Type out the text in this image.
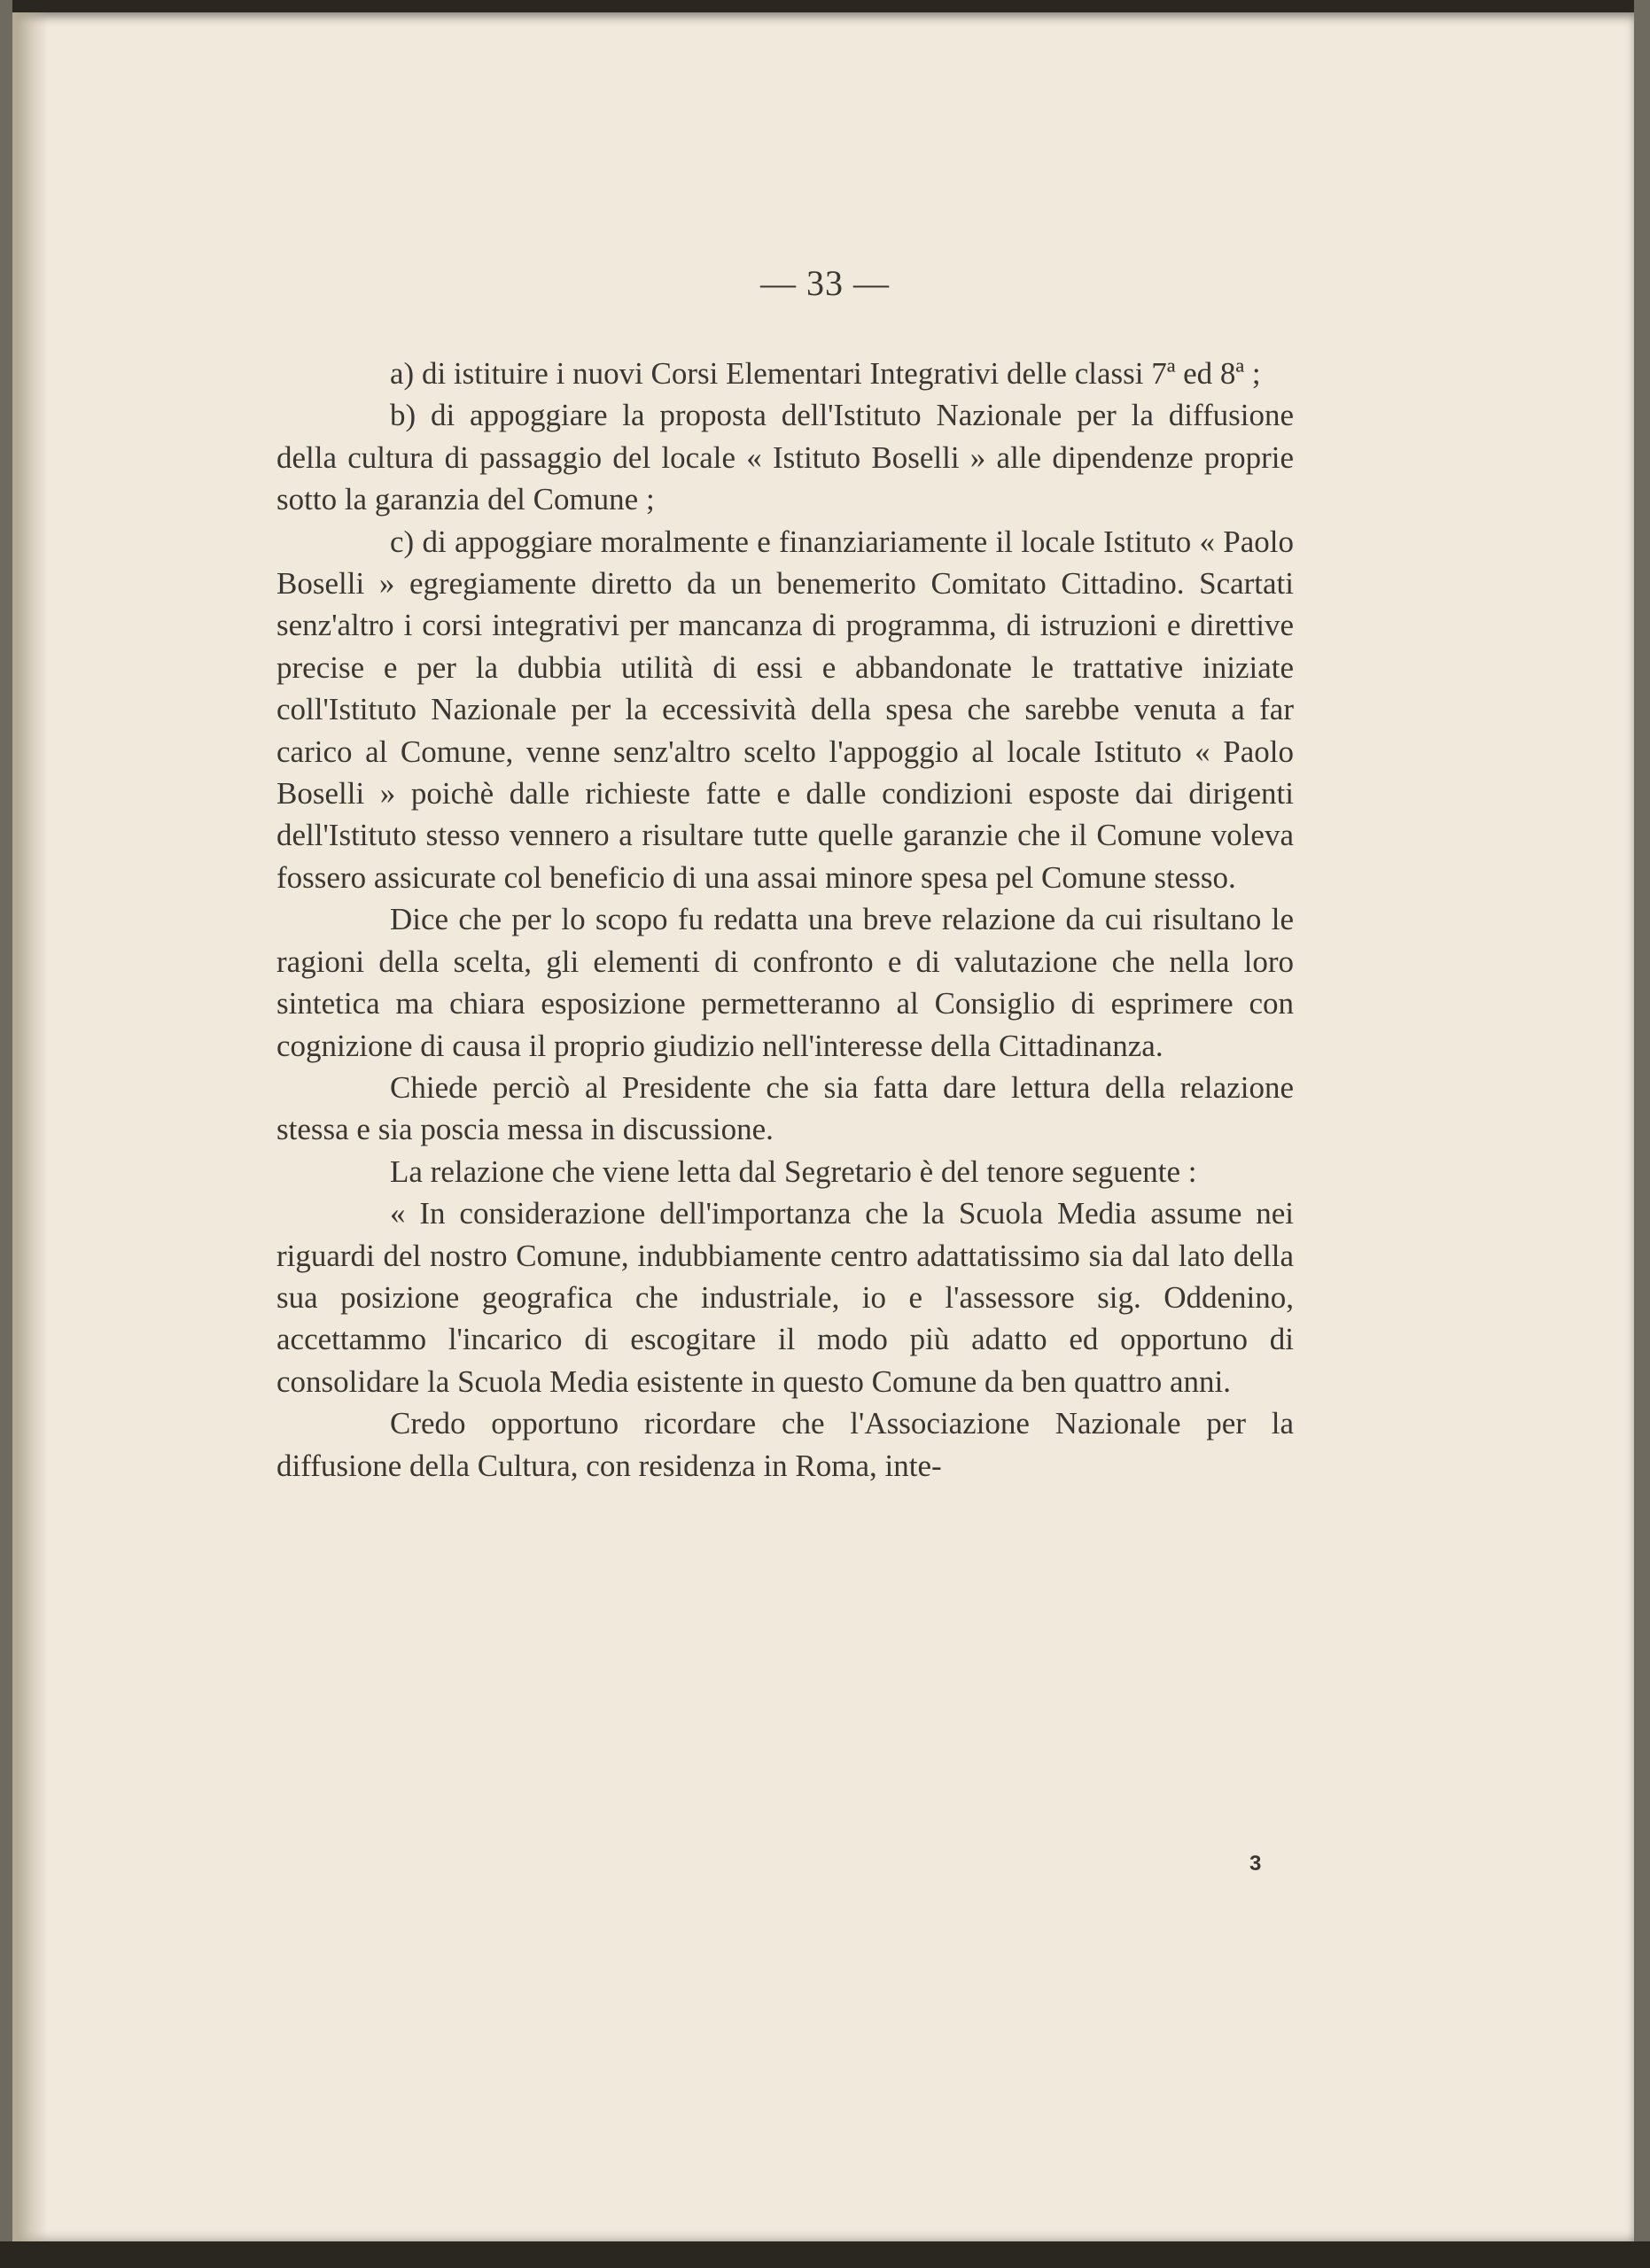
— 33 —

a) di istituire i nuovi Corsi Elementari Integrativi delle classi 7ª ed 8ª ;

b) di appoggiare la proposta dell'Istituto Nazionale per la diffusione della cultura di passaggio del locale « Istituto Boselli » alle dipendenze proprie sotto la garanzia del Comune ;

c) di appoggiare moralmente e finanziariamente il locale Istituto « Paolo Boselli » egregiamente diretto da un benemerito Comitato Cittadino. Scartati senz'altro i corsi integrativi per mancanza di programma, di istruzioni e direttive precise e per la dubbia utilità di essi e abbandonate le trattative iniziate coll'Istituto Nazionale per la eccessività della spesa che sarebbe venuta a far carico al Comune, venne senz'altro scelto l'appoggio al locale Istituto « Paolo Boselli » poichè dalle richieste fatte e dalle condizioni esposte dai dirigenti dell'Istituto stesso vennero a risultare tutte quelle garanzie che il Comune voleva fossero assicurate col beneficio di una assai minore spesa pel Comune stesso.

Dice che per lo scopo fu redatta una breve relazione da cui risultano le ragioni della scelta, gli elementi di confronto e di valutazione che nella loro sintetica ma chiara esposizione permetteranno al Consiglio di esprimere con cognizione di causa il proprio giudizio nell'interesse della Cittadinanza.

Chiede perciò al Presidente che sia fatta dare lettura della relazione stessa e sia poscia messa in discussione.

La relazione che viene letta dal Segretario è del tenore seguente :

« In considerazione dell'importanza che la Scuola Media assume nei riguardi del nostro Comune, indubbiamente centro adattatissimo sia dal lato della sua posizione geografica che industriale, io e l'assessore sig. Oddenino, accettammo l'incarico di escogitare il modo più adatto ed opportuno di consolidare la Scuola Media esistente in questo Comune da ben quattro anni.

Credo opportuno ricordare che l'Associazione Nazionale per la diffusione della Cultura, con residenza in Roma, inte-

3
